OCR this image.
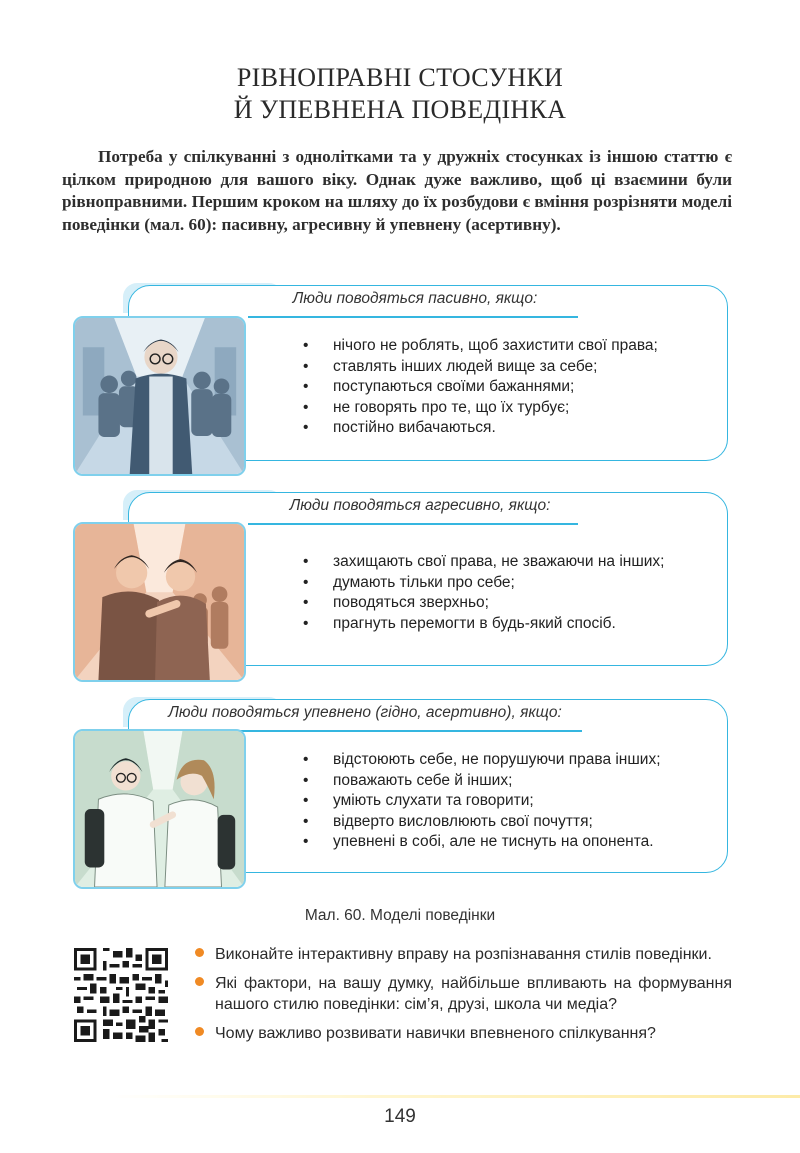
РІВНОПРАВНІ СТОСУНКИ
Й УПЕВНЕНА ПОВЕДІНКА
Потреба у спілкуванні з однолітками та у дружніх стосунках із іншою статтю є цілком природною для вашого віку. Однак дуже важливо, щоб ці взаємини були рівноправними. Першим кроком на шляху до їх розбудови є вміння розрізняти моделі поведінки (мал. 60): пасивну, агресивну й упевнену (асертивну).
Люди поводяться пасивно, якщо:
• нічого не роблять, щоб захистити свої права;
• ставлять інших людей вище за себе;
• поступаються своїми бажаннями;
• не говорять про те, що їх турбує;
• постійно вибачаються.
Люди поводяться агресивно, якщо:
• захищають свої права, не зважаючи на інших;
• думають тільки про себе;
• поводяться зверхньо;
• прагнуть перемогти в будь-який спосіб.
Люди поводяться упевнено (гідно, асертивно), якщо:
• відстоюють себе, не порушуючи права інших;
• поважають себе й інших;
• уміють слухати та говорити;
• відверто висловлюють свої почуття;
• упевнені в собі, але не тиснуть на опонента.
Мал. 60. Моделі поведінки
Виконайте інтерактивну вправу на розпізнавання стилів поведінки.
Які фактори, на вашу думку, найбільше впливають на формування нашого стилю поведінки: сім’я, друзі, школа чи медіа?
Чому важливо розвивати навички впевненого спілкування?
149
